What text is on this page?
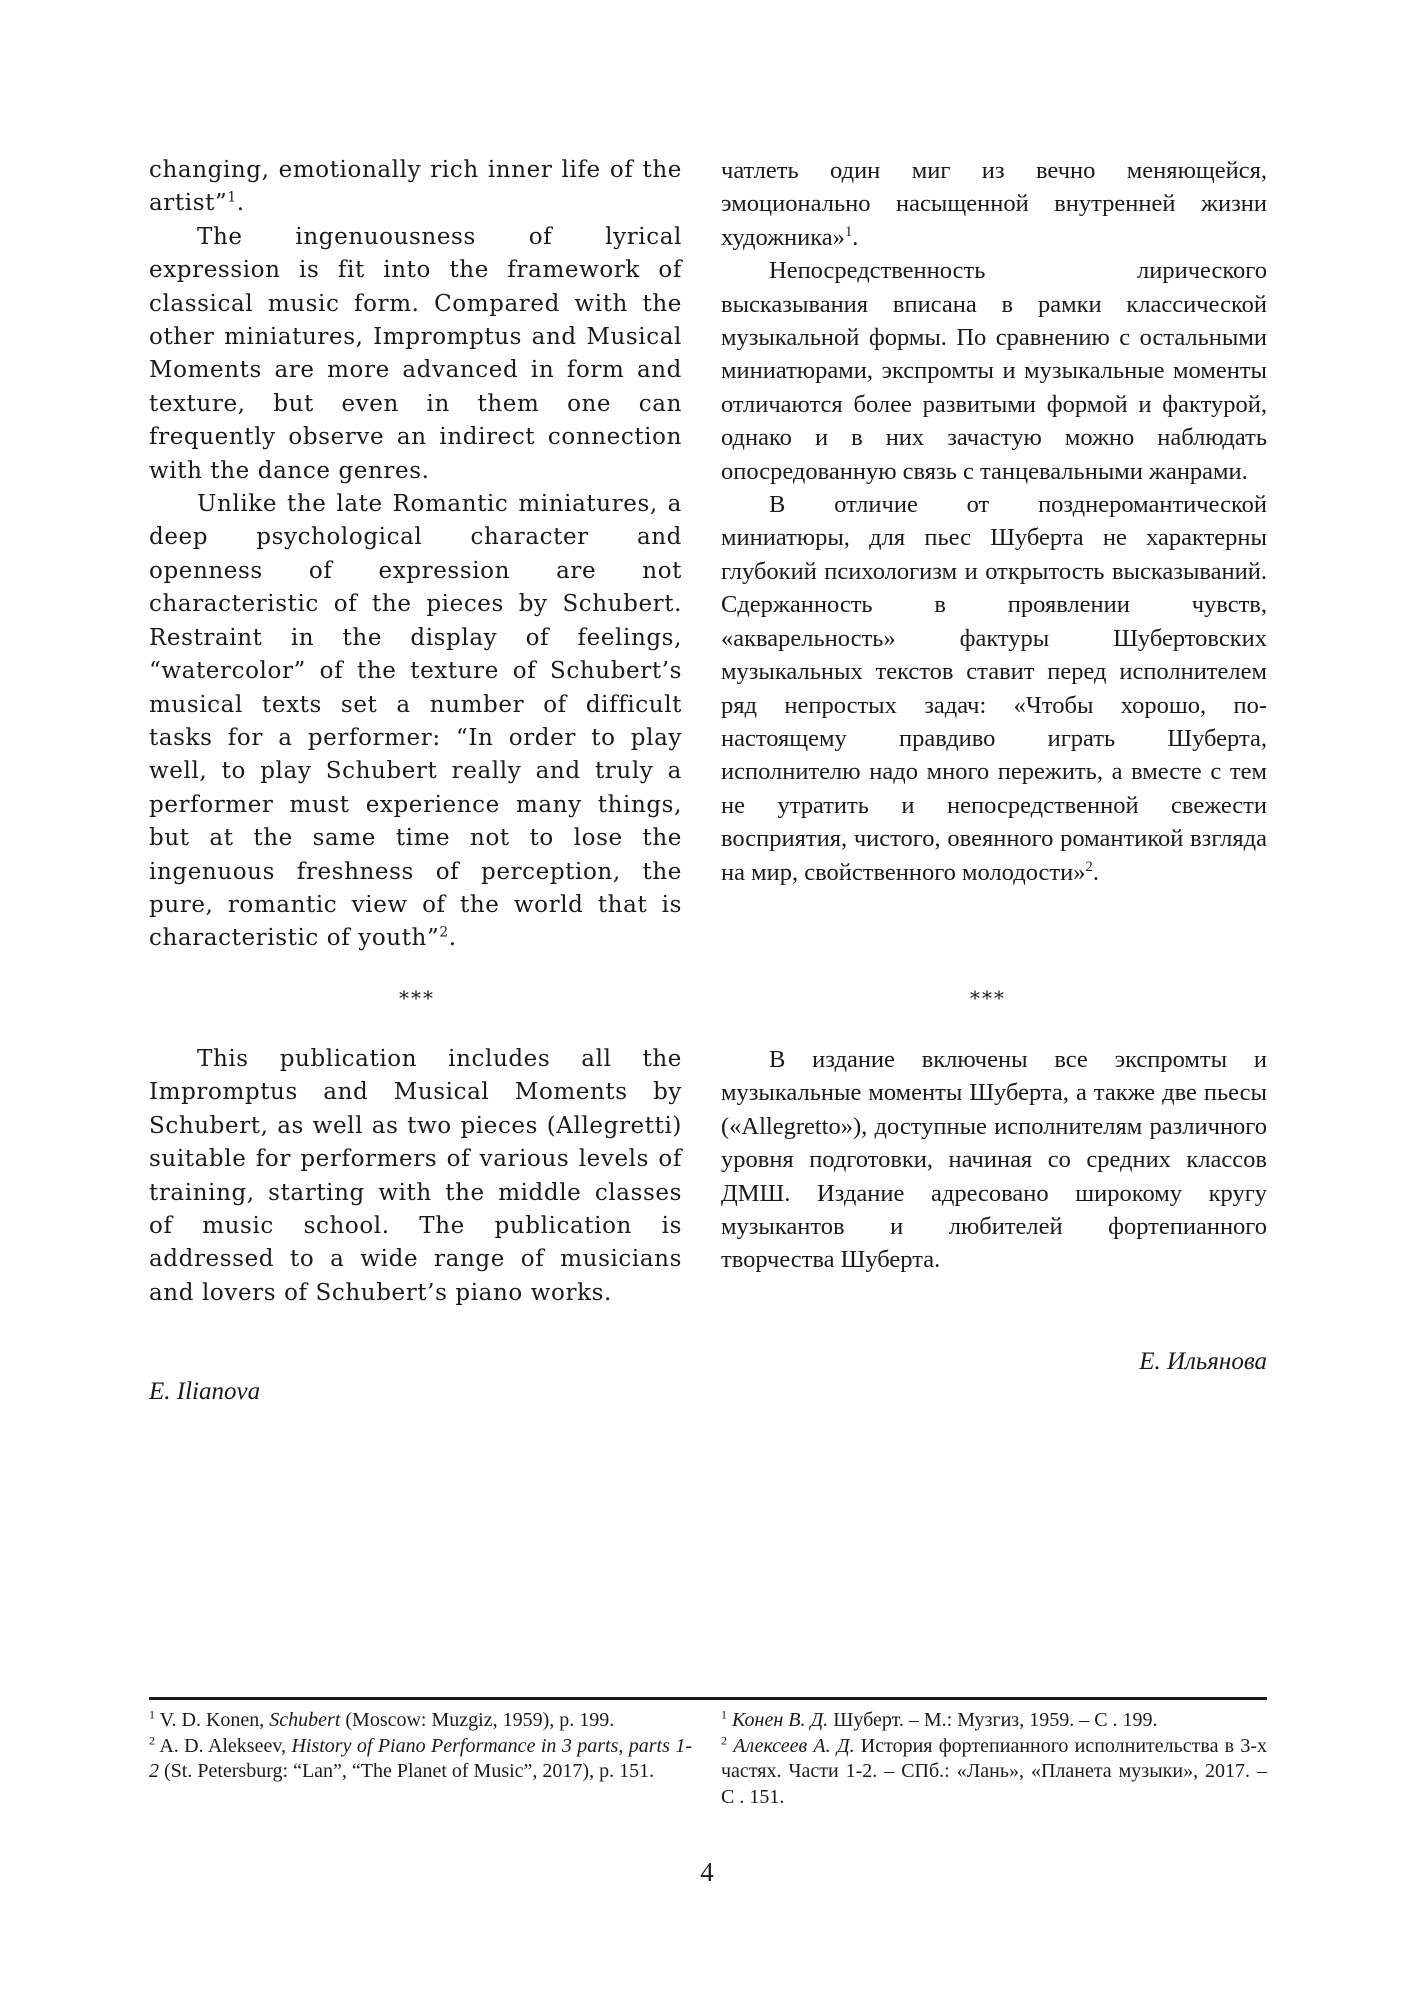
changing, emotionally rich inner life of the artist”$^1$.

The ingenuousness of lyrical expression is fit into the framework of classical music form. Compared with the other miniatures, Impromptus and Musical Moments are more advanced in form and texture, but even in them one can frequently observe an indirect connection with the dance genres.

Unlike the late Romantic miniatures, a deep psychological character and openness of expression are not characteristic of the pieces by Schubert. Restraint in the display of feelings, “watercolor” of the texture of Schubert’s musical texts set a number of difficult tasks for a performer: “In order to play well, to play Schubert really and truly a performer must experience many things, but at the same time not to lose the ingenuous freshness of perception, the pure, romantic view of the world that is characteristic of youth”$^2$.

***

This publication includes all the Impromptus and Musical Moments by Schubert, as well as two pieces (Allegretti) suitable for performers of various levels of training, starting with the middle classes of music school. The publication is addressed to a wide range of musicians and lovers of Schubert’s piano works.

E. Ilianova

чатлеть один миг из вечно меняющейся, эмоционально насыщенной внутренней жизни художника»$^1$.

Непосредственность лирического высказывания вписана в рамки классической музыкальной формы. По сравнению с остальными миниатюрами, экспромты и музыкальные моменты отличаются более развитыми формой и фактурой, однако и в них зачастую можно наблюдать опосредованную связь с танцевальными жанрами.

В отличие от позднеромантической миниатюры, для пьес Шуберта не характерны глубокий психологизм и открытость высказываний. Сдержанность в проявлении чувств, «акварельность» фактуры Шубертовских музыкальных текстов ставит перед исполнителем ряд непростых задач: «Чтобы хорошо, по-настоящему правдиво играть Шуберта, исполнителю надо много пережить, а вместе с тем не утратить и непосредственной свежести восприятия, чистого, овеянного романтикой взгляда на мир, свойственного молодости»$^2$.

***

В издание включены все экспромты и музыкальные моменты Шуберта, а также две пьесы («Allegretto»), доступные исполнителям различного уровня подготовки, начиная со средних классов ДМШ. Издание адресовано широкому кругу музыкантов и любителей фортепианного творчества Шуберта.

Е. Ильянова

$^1$ V. D. Konen, Schubert (Moscow: Muzgiz, 1959), p. 199.

$^2$ A. D. Alekseev, History of Piano Performance in 3 parts, parts 1-2 (St. Petersburg: “Lan”, “The Planet of Music”, 2017), p. 151.

$^1$ Конен В. Д. Шуберт. – М.: Музгиз, 1959. – С . 199.

$^2$ Алексеев А. Д. История фортепианного исполнительства в 3-х частях. Части 1-2. – СПб.: «Лань», «Планета музыки», 2017. – С . 151.

4
